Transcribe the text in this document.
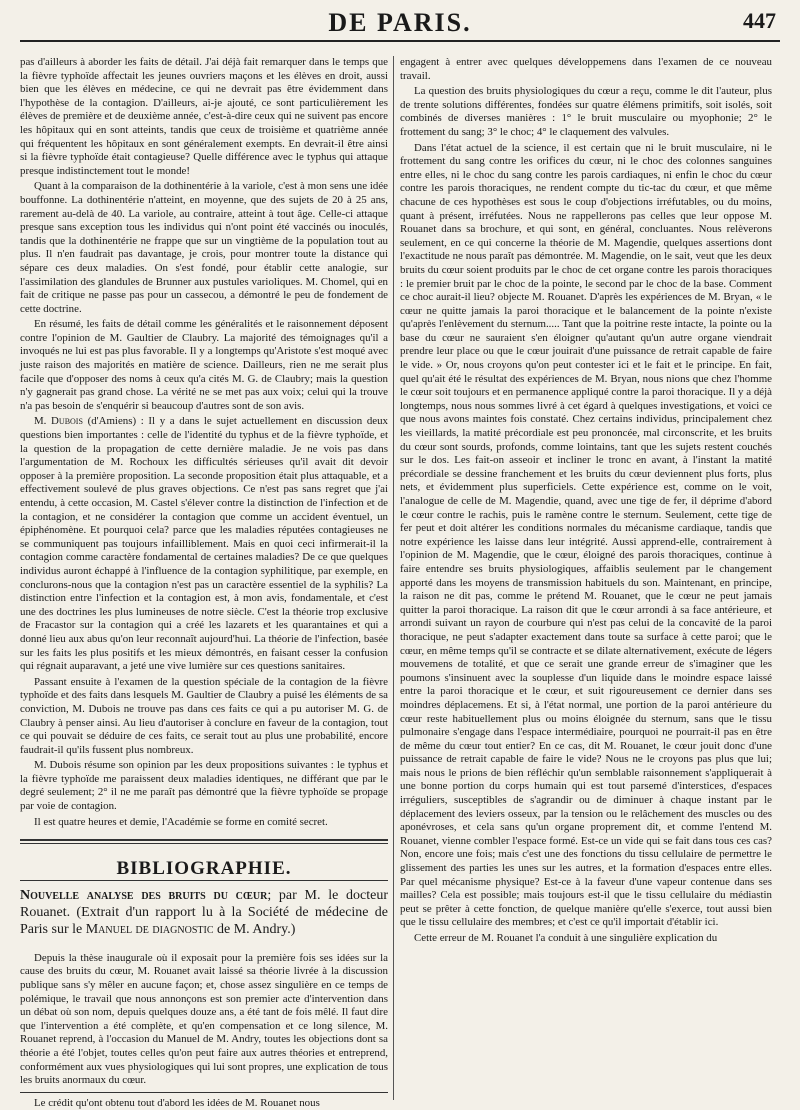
DE PARIS.	447

pas d'ailleurs à aborder les faits de détail. J'ai déjà fait remarquer dans le temps que la fièvre typhoïde affectait les jeunes ouvriers maçons et les élèves en droit, aussi bien que les élèves en médecine, ce qui ne devrait pas être évidemment dans l'hypothèse de la contagion. D'ailleurs, ai-je ajouté, ce sont particulièrement les élèves de première et de deuxième année, c'est-à-dire ceux qui ne suivent pas encore les hôpitaux qui en sont atteints, tandis que ceux de troisième et quatrième année qui fréquentent les hôpitaux en sont généralement exempts. En devrait-il être ainsi si la fièvre typhoïde était contagieuse? Quelle différence avec le typhus qui attaque presque indistinctement tout le monde!

Quant à la comparaison de la dothinentérie à la variole, c'est à mon sens une idée bouffonne. La dothinentérie n'atteint, en moyenne, que des sujets de 20 à 25 ans, rarement au-delà de 40. La variole, au contraire, atteint à tout âge. Celle-ci attaque presque sans exception tous les individus qui n'ont point été vaccinés ou inoculés, tandis que la dothinentérie ne frappe que sur un vingtième de la population tout au plus. Il n'en faudrait pas davantage, je crois, pour montrer toute la distance qui sépare ces deux maladies. On s'est fondé, pour établir cette analogie, sur l'assimilation des glandules de Brunner aux pustules varioliques. M. Chomel, qui en fait de critique ne passe pas pour un cassecou, a démontré le peu de fondement de cette doctrine.

En résumé, les faits de détail comme les généralités et le raisonnement déposent contre l'opinion de M. Gaultier de Claubry. La majorité des témoignages qu'il a invoqués ne lui est pas plus favorable. Il y a longtemps qu'Aristote s'est moqué avec juste raison des majorités en matière de science. Dailleurs, rien ne me serait plus facile que d'opposer des noms à ceux qu'a cités M. G. de Claubry; mais la question n'y gagnerait pas grand chose. La vérité ne se met pas aux voix; celui qui la trouve n'a pas besoin de s'enquérir si beaucoup d'autres sont de son avis.

M. Dubois (d'Amiens) : Il y a dans le sujet actuellement en discussion deux questions bien importantes : celle de l'identité du typhus et de la fièvre typhoïde, et la question de la propagation de cette dernière maladie. Je ne vois pas dans l'argumentation de M. Rochoux les difficultés sérieuses qu'il avait dit devoir opposer à la première proposition. La seconde proposition était plus attaquable, et a effectivement soulevé de plus graves objections. Ce n'est pas sans regret que j'ai entendu, à cette occasion, M. Castel s'élever contre la distinction de l'infection et de la contagion, et ne considérer la contagion que comme un accident éventuel, un épiphénomène. Et pourquoi cela? parce que les maladies réputées contagieuses ne se communiquent pas toujours infailliblement. Mais en quoi ceci infirmerait-il la contagion comme caractère fondamental de certaines maladies? De ce que quelques individus auront échappé à l'influence de la contagion syphilitique, par exemple, en conclurons-nous que la contagion n'est pas un caractère essentiel de la syphilis? La distinction entre l'infection et la contagion est, à mon avis, fondamentale, et c'est une des doctrines les plus lumineuses de notre siècle. C'est la théorie trop exclusive de Fracastor sur la contagion qui a créé les lazarets et les quarantaines et qui a donné lieu aux abus qu'on leur reconnaît aujourd'hui. La théorie de l'infection, basée sur les faits les plus positifs et les mieux démontrés, en faisant cesser la confusion qui régnait auparavant, a jeté une vive lumière sur ces questions sanitaires.

Passant ensuite à l'examen de la question spéciale de la contagion de la fièvre typhoïde et des faits dans lesquels M. Gaultier de Claubry a puisé les éléments de sa conviction, M. Dubois ne trouve pas dans ces faits ce qui a pu autoriser M. G. de Claubry à penser ainsi. Au lieu d'autoriser à conclure en faveur de la contagion, tout ce qui pouvait se déduire de ces faits, ce serait tout au plus une probabilité, encore faudrait-il qu'ils fussent plus nombreux.

M. Dubois résume son opinion par les deux propositions suivantes : le typhus et la fièvre typhoïde me paraissent deux maladies identiques, ne différant que par le degré seulement; 2° il ne me paraît pas démontré que la fièvre typhoïde se propage par voie de contagion.

Il est quatre heures et demie, l'Académie se forme en comité secret.

BIBLIOGRAPHIE.
Nouvelle analyse des bruits du cœur; par M. le docteur Rouanet. (Extrait d'un rapport lu à la Société de médecine de Paris sur le Manuel de diagnostic de M. Andry.)

Depuis la thèse inaugurale où il exposait pour la première fois ses idées sur la cause des bruits du cœur, M. Rouanet avait laissé sa théorie livrée à la discussion publique sans s'y mêler en aucune façon; et, chose assez singulière en ce temps de polémique, le travail que nous annonçons est son premier acte d'intervention dans un débat où son nom, depuis quelques douze ans, a été tant de fois mêlé. Il faut dire que l'intervention a été complète, et qu'en compensation et ce long silence, M. Rouanet reprend, à l'occasion du Manuel de M. Andry, toutes les objections dont sa théorie a été l'objet, toutes celles qu'on peut faire aux autres théories et entreprend, conformément aux vues physiologiques qui lui sont propres, une explication de tous les bruits anormaux du cœur.

Le crédit qu'ont obtenu tout d'abord les idées de M. Rouanet nous

engagent à entrer avec quelques développemens dans l'examen de ce nouveau travail.

La question des bruits physiologiques du cœur a reçu, comme le dit l'auteur, plus de trente solutions différentes, fondées sur quatre élémens primitifs, soit isolés, soit combinés de diverses manières : 1° le bruit musculaire ou myophonie; 2° le frottement du sang; 3° le choc; 4° le claquement des valvules.

Dans l'état actuel de la science, il est certain que ni le bruit musculaire, ni le frottement du sang contre les orifices du cœur, ni le choc des colonnes sanguines entre elles, ni le choc du sang contre les parois cardiaques, ni enfin le choc du cœur contre les parois thoraciques, ne rendent compte du tic-tac du cœur, et que même chacune de ces hypothèses est sous le coup d'objections irréfutables, ou du moins, quant à présent, irréfutées. Nous ne rappellerons pas celles que leur oppose M. Rouanet dans sa brochure, et qui sont, en général, concluantes. Nous relèverons seulement, en ce qui concerne la théorie de M. Magendie, quelques assertions dont l'exactitude ne nous paraît pas démontrée. M. Magendie, on le sait, veut que les deux bruits du cœur soient produits par le choc de cet organe contre les parois thoraciques : le premier bruit par le choc de la pointe, le second par le choc de la base. Comment ce choc aurait-il lieu? objecte M. Rouanet. D'après les expériences de M. Bryan, « le cœur ne quitte jamais la paroi thoracique et le balancement de la pointe n'existe qu'après l'enlèvement du sternum..... Tant que la poitrine reste intacte, la pointe ou la base du cœur ne sauraient s'en éloigner qu'autant qu'un autre organe viendrait prendre leur place ou que le cœur jouirait d'une puissance de retrait capable de faire le vide. » Or, nous croyons qu'on peut contester ici et le fait et le principe. En fait, quel qu'ait été le résultat des expériences de M. Bryan, nous nions que chez l'homme le cœur soit toujours et en permanence appliqué contre la paroi thoracique. Il y a déjà longtemps, nous nous sommes livré à cet égard à quelques investigations, et voici ce que nous avons maintes fois constaté. Chez certains individus, principalement chez les vieillards, la matité précordiale est peu prononcée, mal circonscrite, et les bruits du cœur sont sourds, profonds, comme lointains, tant que les sujets restent couchés sur le dos. Les fait-on asseoir et incliner le tronc en avant, à l'instant la matité précordiale se dessine franchement et les bruits du cœur deviennent plus forts, plus nets, et évidemment plus superficiels. Cette expérience est, comme on le voit, l'analogue de celle de M. Magendie, quand, avec une tige de fer, il déprime d'abord le cœur contre le rachis, puis le ramène contre le sternum. Seulement, cette tige de fer peut et doit altérer les conditions normales du mécanisme cardiaque, tandis que notre expérience les laisse dans leur intégrité. Aussi apprend-elle, contrairement à l'opinion de M. Magendie, que le cœur, éloigné des parois thoraciques, continue à faire entendre ses bruits physiologiques, affaiblis seulement par le changement apporté dans les moyens de transmission habituels du son. Maintenant, en principe, la raison ne dit pas, comme le prétend M. Rouanet, que le cœur ne peut jamais quitter la paroi thoracique. La raison dit que le cœur arrondi à sa face antérieure, et arrondi suivant un rayon de courbure qui n'est pas celui de la concavité de la paroi thoracique, ne peut s'adapter exactement dans toute sa surface à cette paroi; que le cœur, en même temps qu'il se contracte et se dilate alternativement, exécute de légers mouvemens de totalité, et que ce serait une grande erreur de s'imaginer que les poumons s'insinuent avec la souplesse d'un liquide dans le moindre espace laissé entre la paroi thoracique et le cœur, et suit rigoureusement ce dernier dans ses moindres déplacemens. Et si, à l'état normal, une portion de la paroi antérieure du cœur reste habituellement plus ou moins éloignée du sternum, sans que le tissu pulmonaire s'engage dans l'espace intermédiaire, pourquoi ne pourrait-il pas en être de même du cœur tout entier? En ce cas, dit M. Rouanet, le cœur jouit donc d'une puissance de retrait capable de faire le vide? Nous ne le croyons pas plus que lui; mais nous le prions de bien réfléchir qu'un semblable raisonnement s'appliquerait à une bonne portion du corps humain qui est tout parsemé d'interstices, d'espaces irréguliers, susceptibles de s'agrandir ou de diminuer à chaque instant par le déplacement des leviers osseux, par la tension ou le relâchement des muscles ou des aponévroses, et cela sans qu'un organe proprement dit, et comme l'entend M. Rouanet, vienne combler l'espace formé. Est-ce un vide qui se fait dans tous ces cas? Non, encore une fois; mais c'est une des fonctions du tissu cellulaire de permettre le glissement des parties les unes sur les autres, et la formation d'espaces entre elles. Par quel mécanisme physique? Est-ce à la faveur d'une vapeur contenue dans ses mailles? Cela est possible; mais toujours est-il que le tissu cellulaire du médiastin peut se prêter à cette fonction, de quelque manière qu'elle s'exerce, tout aussi bien que le tissu cellulaire des membres; et c'est ce qu'il importait d'établir ici.

Cette erreur de M. Rouanet l'a conduit à une singulière explication du
